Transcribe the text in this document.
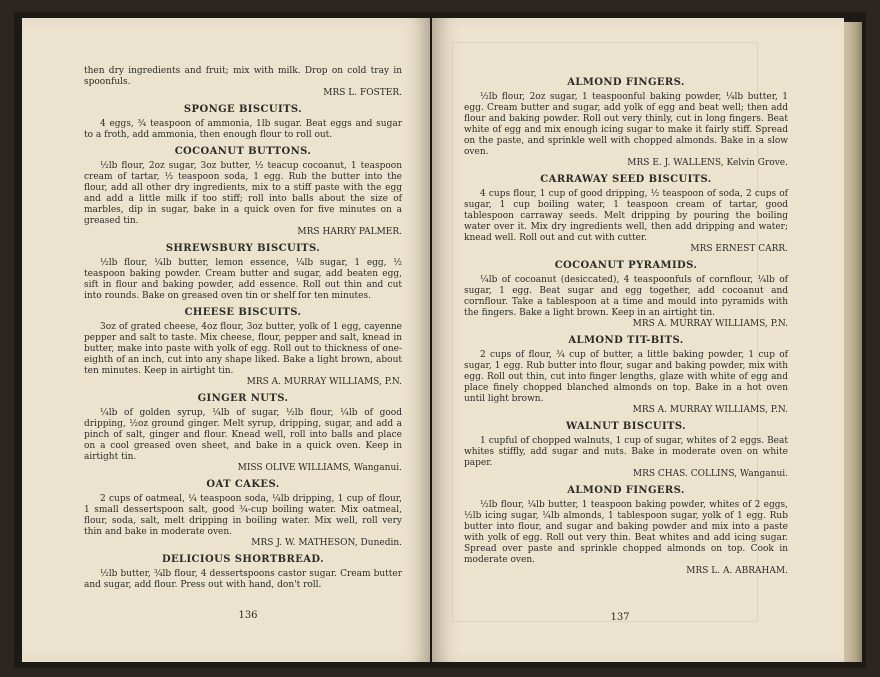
then dry ingredients and fruit; mix with milk. Drop on cold tray in spoonfuls.
MRS L. FOSTER.
SPONGE BISCUITS.
4 eggs, ¾ teaspoon of ammonia, 1lb sugar. Beat eggs and sugar to a froth, add ammonia, then enough flour to roll out.
COCOANUT BUTTONS.
½lb flour, 2oz sugar, 3oz butter, ½ teacup cocoanut, 1 teaspoon cream of tartar, ½ teaspoon soda, 1 egg. Rub the butter into the flour, add all other dry ingredients, mix to a stiff paste with the egg and add a little milk if too stiff; roll into balls about the size of marbles, dip in sugar, bake in a quick oven for five minutes on a greased tin.
MRS HARRY PALMER.
SHREWSBURY BISCUITS.
½lb flour, ¼lb butter, lemon essence, ¼lb sugar, 1 egg, ½ teaspoon baking powder. Cream butter and sugar, add beaten egg, sift in flour and baking powder, add essence. Roll out thin and cut into rounds. Bake on greased oven tin or shelf for ten minutes.
CHEESE BISCUITS.
3oz of grated cheese, 4oz flour, 3oz butter, yolk of 1 egg, cayenne pepper and salt to taste. Mix cheese, flour, pepper and salt, knead in butter, make into paste with yolk of egg. Roll out to thickness of one-eighth of an inch, cut into any shape liked. Bake a light brown, about ten minutes. Keep in airtight tin.
MRS A. MURRAY WILLIAMS, P.N.
GINGER NUTS.
¼lb of golden syrup, ¼lb of sugar, ½lb flour, ¼lb of good dripping, ½oz ground ginger. Melt syrup, dripping, sugar, and add a pinch of salt, ginger and flour. Knead well, roll into balls and place on a cool greased oven sheet, and bake in a quick oven. Keep in airtight tin.
MISS OLIVE WILLIAMS, Wanganui.
OAT CAKES.
2 cups of oatmeal, ¼ teaspoon soda, ¼lb dripping, 1 cup of flour, 1 small dessertspoon salt, good ¾-cup boiling water. Mix oatmeal, flour, soda, salt, melt dripping in boiling water. Mix well, roll very thin and bake in moderate oven.
MRS J. W. MATHESON, Dunedin.
DELICIOUS SHORTBREAD.
½lb butter, ¾lb flour, 4 dessertspoons castor sugar. Cream butter and sugar, add flour. Press out with hand, don't roll.
136
ALMOND FINGERS.
½lb flour, 2oz sugar, 1 teaspoonful baking powder, ¼lb butter, 1 egg. Cream butter and sugar, add yolk of egg and beat well; then add flour and baking powder. Roll out very thinly, cut in long fingers. Beat white of egg and mix enough icing sugar to make it fairly stiff. Spread on the paste, and sprinkle well with chopped almonds. Bake in a slow oven.
MRS E. J. WALLENS, Kelvin Grove.
CARRAWAY SEED BISCUITS.
4 cups flour, 1 cup of good dripping, ½ teaspoon of soda, 2 cups of sugar, 1 cup boiling water, 1 teaspoon cream of tartar, good tablespoon carraway seeds. Melt dripping by pouring the boiling water over it. Mix dry ingredients well, then add dripping and water; knead well. Roll out and cut with cutter.
MRS ERNEST CARR.
COCOANUT PYRAMIDS.
¼lb of cocoanut (desiccated), 4 teaspoonfuls of cornflour, ¼lb of sugar, 1 egg. Beat sugar and egg together, add cocoanut and cornflour. Take a tablespoon at a time and mould into pyramids with the fingers. Bake a light brown. Keep in an airtight tin.
MRS A. MURRAY WILLIAMS, P.N.
ALMOND TIT-BITS.
2 cups of flour, ¾ cup of butter, a little baking powder, 1 cup of sugar, 1 egg. Rub butter into flour, sugar and baking powder, mix with egg. Roll out thin, cut into finger lengths, glaze with white of egg and place finely chopped blanched almonds on top. Bake in a hot oven until light brown.
MRS A. MURRAY WILLIAMS, P.N.
WALNUT BISCUITS.
1 cupful of chopped walnuts, 1 cup of sugar, whites of 2 eggs. Beat whites stiffly, add sugar and nuts. Bake in moderate oven on white paper.
MRS CHAS. COLLINS, Wanganui.
ALMOND FINGERS.
½lb flour, ¼lb butter, 1 teaspoon baking powder, whites of 2 eggs, ½lb icing sugar, ¼lb almonds, 1 tablespoon sugar, yolk of 1 egg. Rub butter into flour, and sugar and baking powder and mix into a paste with yolk of egg. Roll out very thin. Beat whites and add icing sugar. Spread over paste and sprinkle chopped almonds on top. Cook in moderate oven.
MRS L. A. ABRAHAM.
137
